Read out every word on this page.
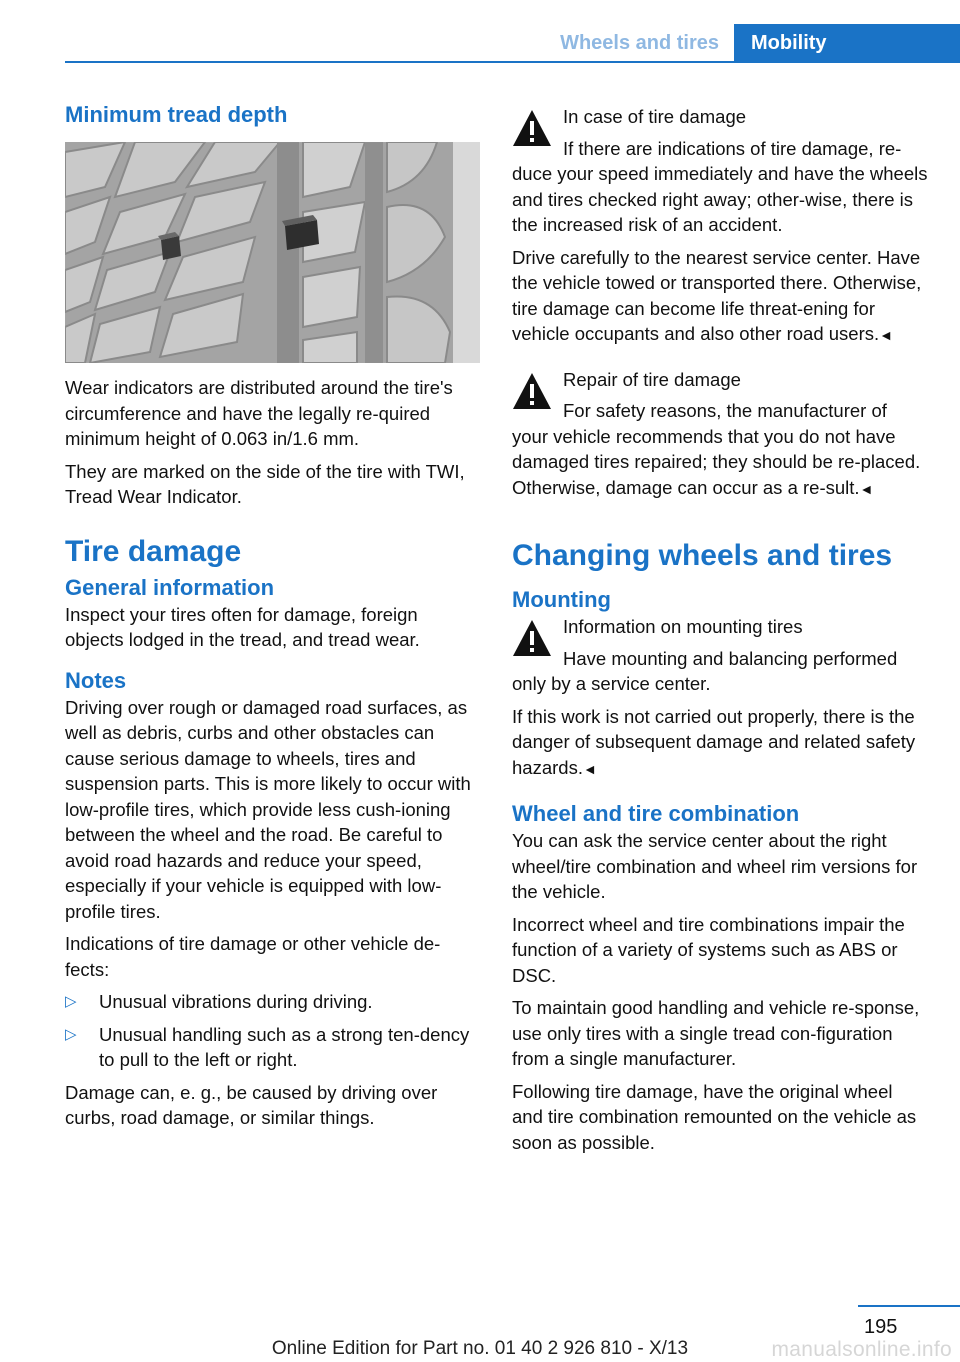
Wheels and tires	Mobility
Minimum tread depth

Wear indicators are distributed around the tire's circumference and have the legally re-quired minimum height of 0.063 in/1.6 mm.

They are marked on the side of the tire with TWI, Tread Wear Indicator.

Tire damage
General information

Inspect your tires often for damage, foreign objects lodged in the tread, and tread wear.

Notes

Driving over rough or damaged road surfaces, as well as debris, curbs and other obstacles can cause serious damage to wheels, tires and suspension parts. This is more likely to occur with low-profile tires, which provide less cush-ioning between the wheel and the road. Be careful to avoid road hazards and reduce your speed, especially if your vehicle is equipped with low-profile tires.

Indications of tire damage or other vehicle de-fects:

▷ Unusual vibrations during driving.
▷ Unusual handling such as a strong ten-dency to pull to the left or right.

Damage can, e. g., be caused by driving over curbs, road damage, or similar things.

In case of tire damage

If there are indications of tire damage, re-duce your speed immediately and have the wheels and tires checked right away; other-wise, there is the increased risk of an accident.

Drive carefully to the nearest service center. Have the vehicle towed or transported there. Otherwise, tire damage can become life threat-ening for vehicle occupants and also other road users.◄

Repair of tire damage

For safety reasons, the manufacturer of your vehicle recommends that you do not have damaged tires repaired; they should be re-placed. Otherwise, damage can occur as a re-sult.◄

Changing wheels and tires
Mounting
Information on mounting tires

Have mounting and balancing performed only by a service center.

If this work is not carried out properly, there is the danger of subsequent damage and related safety hazards.◄

Wheel and tire combination

You can ask the service center about the right wheel/tire combination and wheel rim versions for the vehicle.

Incorrect wheel and tire combinations impair the function of a variety of systems such as ABS or DSC.

To maintain good handling and vehicle re-sponse, use only tires with a single tread con-figuration from a single manufacturer.

Following tire damage, have the original wheel and tire combination remounted on the vehicle as soon as possible.

195
Online Edition for Part no. 01 40 2 926 810 - X/13	manualsonline.info
